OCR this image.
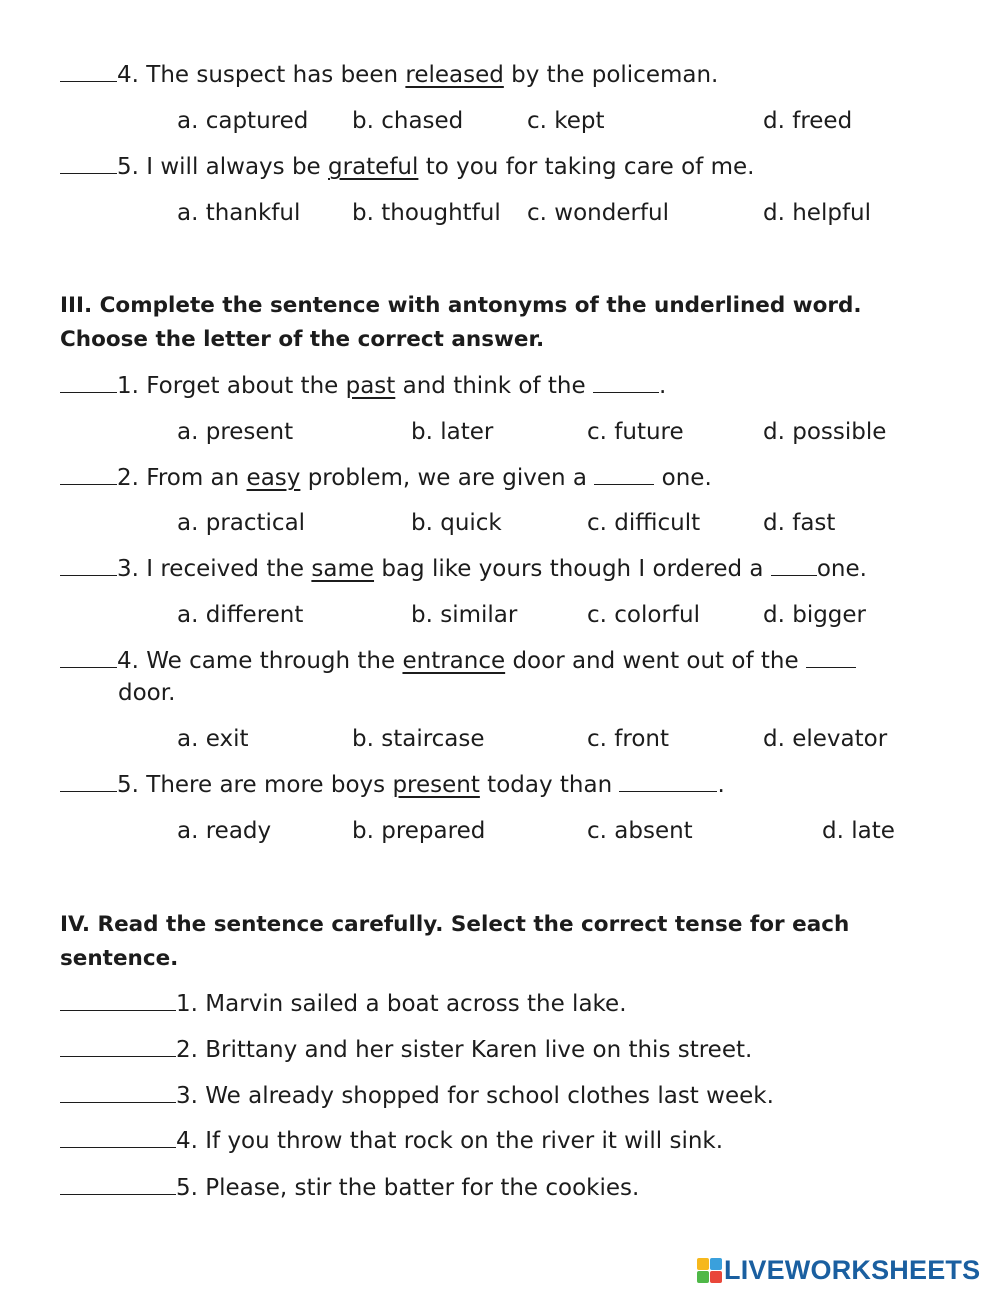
4. The suspect has been released by the policeman.
a. captured b. chased	c. kept	d. freed
5. I will always be grateful to you for taking care of me.
a. thankful b. thoughtful c. wonderful	d. helpful
III. Complete the sentence with antonyms of the underlined word.
Choose the letter of the correct answer.
1. Forget about the past and think of the	.
a. present	b. later	c. future	d. possible
2. From an easy problem, we are given a	one.
a. practical	b. quick	c. difficult	d. fast
3. I received the same bag like yours though I ordered a one.
a. different	b. similar	c. colorful	d. bigger
4. We came through the entrance door and went out of the
door.
a. exit	b. staircase	c. front	d. elevator
5. There are more boys present today than	.
a. ready	b. prepared	c. absent	d. late
IV. Read the sentence carefully. Select the correct tense for each
sentence.
1. Marvin sailed a boat across the lake.
2. Brittany and her sister Karen live on this street.
3. We already shopped for school clothes last week.
4. If you throw that rock on the river it will sink.
5. Please, stir the batter for the cookies.
LIVEWORKSHEETS
